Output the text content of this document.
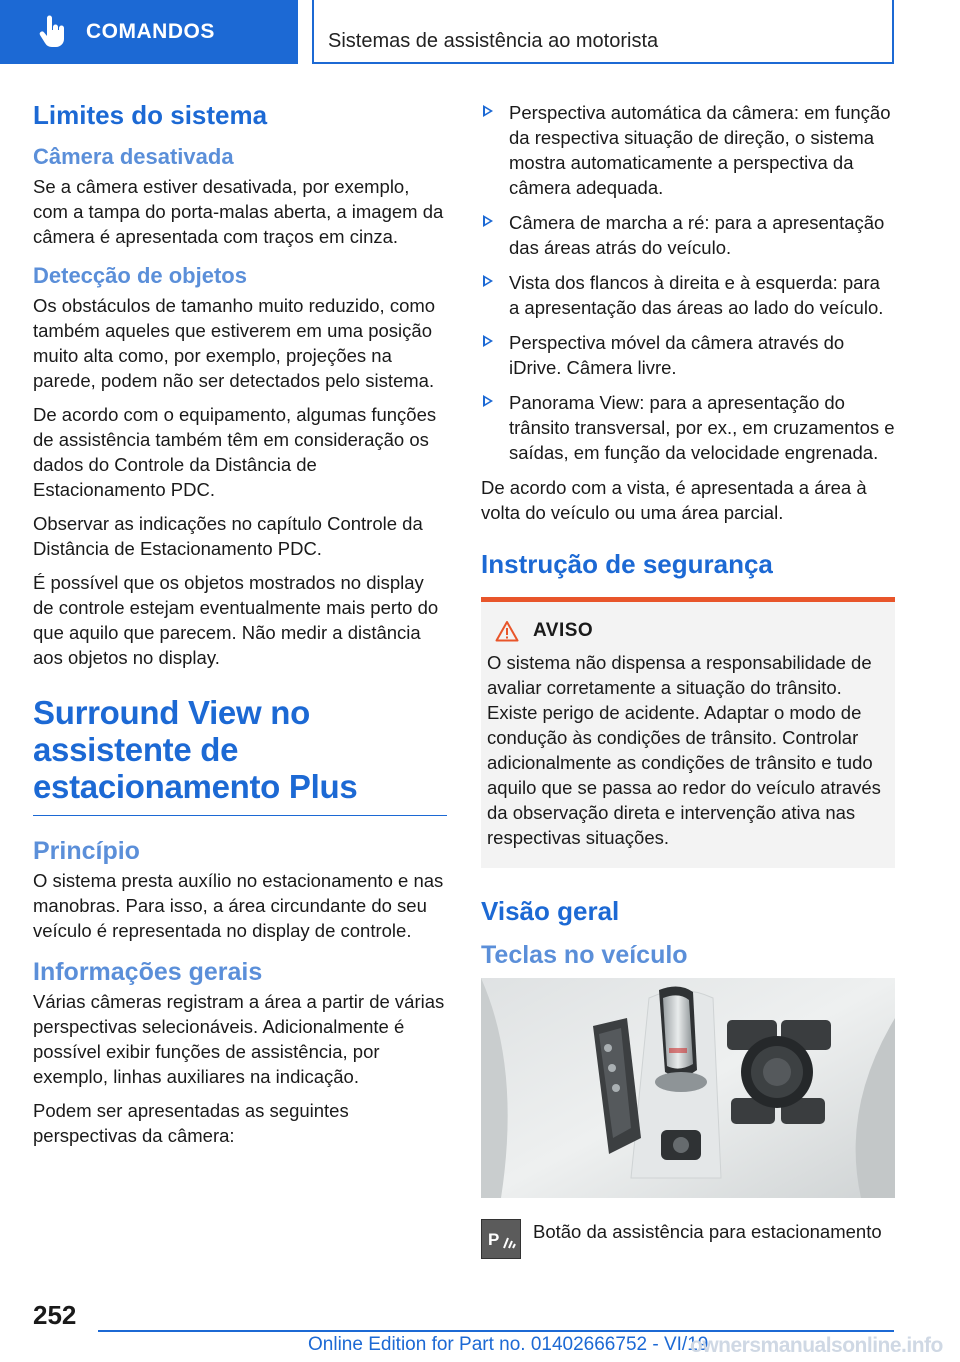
COMANDOS	Sistemas de assistência ao motorista
Limites do sistema
Câmera desativada

Se a câmera estiver desativada, por exemplo, com a tampa do porta-malas aberta, a imagem da câmera é apresentada com traços em cinza.

Detecção de objetos

Os obstáculos de tamanho muito reduzido, como também aqueles que estiverem em uma posição muito alta como, por exemplo, projeções na parede, podem não ser detectados pelo sistema.

De acordo com o equipamento, algumas funções de assistência também têm em consideração os dados do Controle da Distância de Estacionamento PDC.

Observar as indicações no capítulo Controle da Distância de Estacionamento PDC.

É possível que os objetos mostrados no display de controle estejam eventualmente mais perto do que aquilo que parecem. Não medir a distância aos objetos no display.

Surround View no assistente de estacionamento Plus
Princípio

O sistema presta auxílio no estacionamento e nas manobras. Para isso, a área circundante do seu veículo é representada no display de controle.

Informações gerais

Várias câmeras registram a área a partir de várias perspectivas selecionáveis. Adicionalmente é possível exibir funções de assistência, por exemplo, linhas auxiliares na indicação.

Podem ser apresentadas as seguintes perspectivas da câmera:

Perspectiva automática da câmera: em função da respectiva situação de direção, o sistema mostra automaticamente a perspectiva da câmera adequada.
Câmera de marcha a ré: para a apresentação das áreas atrás do veículo.
Vista dos flancos à direita e à esquerda: para a apresentação das áreas ao lado do veículo.
Perspectiva móvel da câmera através do iDrive. Câmera livre.
Panorama View: para a apresentação do trânsito transversal, por ex., em cruzamentos e saídas, em função da velocidade engrenada.

De acordo com a vista, é apresentada a área à volta do veículo ou uma área parcial.

Instrução de segurança
AVISO

O sistema não dispensa a responsabilidade de avaliar corretamente a situação do trânsito. Existe perigo de acidente. Adaptar o modo de condução às condições de trânsito. Controlar adicionalmente as condições de trânsito e tudo aquilo que se passa ao redor do veículo através da observação direta e intervenção ativa nas respectivas situações.

Visão geral
Teclas no veículo
P Botão da assistência para estacionamento
252
Online Edition for Part no. 01402666752 - VI/19
ownersmanualsonline.info
